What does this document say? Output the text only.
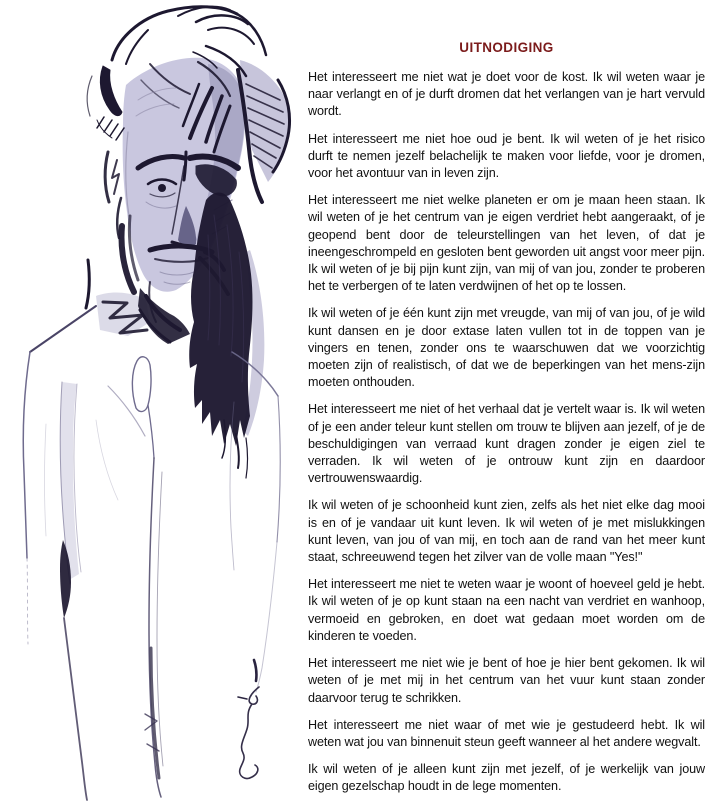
UITNODIGING

Het interesseert me niet wat je doet voor de kost. Ik wil weten waar je naar verlangt en of je durft dromen dat het verlangen van je hart vervuld wordt.

Het interesseert me niet hoe oud je bent. Ik wil weten of je het risico durft te nemen jezelf belachelijk te maken voor liefde, voor je dromen, voor het avontuur van in leven zijn.

Het interesseert me niet welke planeten er om je maan heen staan. Ik wil weten of je het centrum van je eigen verdriet hebt aangeraakt, of je geopend bent door de teleurstellingen van het leven, of dat je ineengeschrompeld en gesloten bent geworden uit angst voor meer pijn. Ik wil weten of je bij pijn kunt zijn, van mij of van jou, zonder te proberen het te verbergen of te laten verdwijnen of het op te lossen.

Ik wil weten of je één kunt zijn met vreugde, van mij of van jou, of je wild kunt dansen en je door extase laten vullen tot in de toppen van je vingers en tenen, zonder ons te waarschuwen dat we voorzichtig moeten zijn of realistisch, of dat we de beperkingen van het mens-zijn moeten onthouden.

Het interesseert me niet of het verhaal dat je vertelt waar is. Ik wil weten of je een ander teleur kunt stellen om trouw te blijven aan jezelf, of je de beschuldigingen van verraad kunt dragen zonder je eigen ziel te verraden. Ik wil weten of je ontrouw kunt zijn en daardoor vertrouwenswaardig.

Ik wil weten of je schoonheid kunt zien, zelfs als het niet elke dag mooi is en of je vandaar uit kunt leven. Ik wil weten of je met mislukkingen kunt leven, van jou of van mij, en toch aan de rand van het meer kunt staat, schreeuwend tegen het zilver van de volle maan "Yes!"

Het interesseert me niet te weten waar je woont of hoeveel geld je hebt. Ik wil weten of je op kunt staan na een nacht van verdriet en wanhoop, vermoeid en gebroken, en doet wat gedaan moet worden om de kinderen te voeden.

Het interesseert me niet wie je bent of hoe je hier bent gekomen. Ik wil weten of je met mij in het centrum van het vuur kunt staan zonder daarvoor terug te schrikken.

Het interesseert me niet waar of met wie je gestudeerd hebt. Ik wil weten wat jou van binnenuit steun geeft wanneer al het andere wegvalt.

Ik wil weten of je alleen kunt zijn met jezelf, of je werkelijk van jouw eigen gezelschap houdt in de lege momenten.
